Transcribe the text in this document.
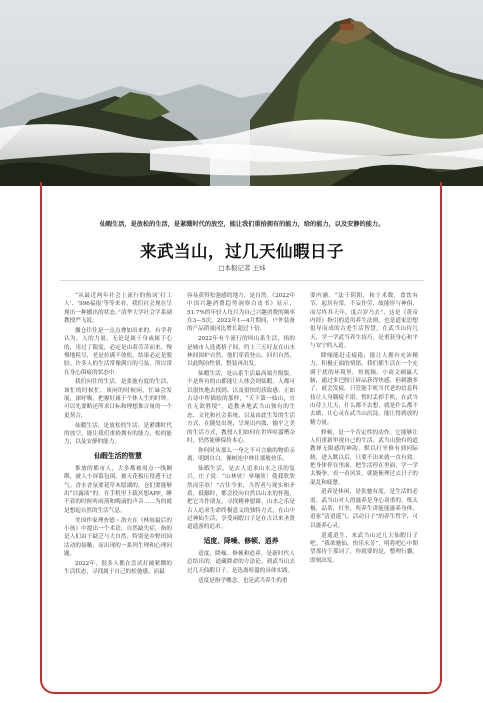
仙暇生活，是放松的生活，是紧绷时代的放空，能让我们重拾拥有的能力，给的能力，以及安静的能力。
来武当山，过几天仙暇日子
□本报记者 王炜

“从最近两年社会上流行的热词‘打工人’、‘996福报’等等来看，我们社会现在呈现出一种撤出的状态。”清华大学社会学系副教授严飞说。

撤仓往往是一点点叠加出来的。有学者认为，人的力量，无论是属于身或属于心的，用过了限度，必定是由着劳苦而来，慢慢地耗尽，老是拉满不放松，结果必定是脱胶。许多人的生活常像满日的弓弦，所以常在身心俱疲的状态中。

我们向往的生活，是张弛有度的生活，该忙的时候忙，该闲的时候闲，忙碌会发展，深呼吸，把握好属于个体人生的时钟。可以先要略还所求目标和理想推合量的一个更契合。

仙暇生活，是放松的生活，是紧绷时代的放空，能让我们重拾拥有的能力，松的能力，以及安静的能力。

仙暇生活的智慧

推放的都市人，大多都被周点一线捆绑，被人小屏幕包围，被天花板压得透不过气。香水香氛要花草木愿湖的，仓们要能够出“目露液”的，在手机里下载冥想APP，睡不着的时候听雨落和晚滴的声音……为的就是想起自然的生活气息。

美国作家理查德・洛夫在《林间最后的小孩》中提出一个术语，自然缺失症，指的是人们由于缺乏与大自然、特别是乡野田园活动的接触，而出现的一系列生理和心理问题。

2022年，很多人都在尝试打破紧绷的生活状态，寻找属于自己的松弛感。而最

容易获得松弛感的地方，是自然。《2022年中国兴趣消费趋势洞察白皮书》显示，51.7%的年轻人每月为自己兴趣消费的频率在3—5次。2022年1—4月期间，户外装备的产品销量同比增长超过十倍。

2022年有个流行的叫山系生活，指的是城市人选离格子间，约上三五好友在山水林间围炉自然，他们穿着登山、回归自然，以此陶冶性情，整装再出发。

仙暇生活，是山系生活最高端升级版。不是所有的山都能让人体会到仙暇，人都可以很快地去找到、以及很快的获取感。正如古诗中所描绘的那样，“天下第一仙山，宜在无欲胜境”，道教圣地武当山独有的生态、文化和社会系统，以及由此生发的生活方式，在随处出现，呈现出内敛、愉平之美的生活方式，教授人们如何在世界喧嚣嘈杂时，仍然能够保持本心。

你何时从那么一身之不可言喻的物质亲离，明朗自白，像树连中林住那般快乐。

仙暇生活，是去人追求山水之乐的复兴。庄子说：“山林欤！皋壤欤！使我欣欣然而乐欤！”古往今来，当智者与现实和矛盾，抵触时，都会投向自然以山水的怀抱，把它当作朋友，寻找精神慰藉。山水之乐是古人追求生命终极意义的独特方式，在山中过神仙生活，享受闲暇日子是在古以来圣贤道遥游的追求。

适度、降噪、修顿、逍养

适度、降噪、修顿和逍养，是新时代人总结出的，道藏降命的方法论。到武当山去过几天仙暇日子，是选离喧嚣的具体实践。

适度是指学概念，也是武当养生的重

要内涵。“法于阴阳，和于术数，食饮有节，起居有常，不妄作劳，故能形与神俱，而尽终其天年，度百岁乃去”，这是《黄帝内经》指引的适用养生法则，也是道家思想倡导而成的古老生活智慧。在武当山待几天，学一学武当养生技巧，是重获身心和平与安宁的入道。

降噪能赶走疲倦，能让人拥有充沛精力，积极正面的情绪。我们都生活在一个充满于扰的环境里，短视频、小商文刷赢大脑，通过多巴胺让碎品获得快感，但刺激多了，就会发疲。只管能手机当代老的信息科技让人身隅疲不堪。暂时丢掉手机，在武当山待上几天，什么都不去想，就是什么都不去做，让心灵在武当山沉淀、能让得到放的精力量。

修顿，是一个否定性的动作。它能够让人们重新审视自己的生活。武当山独有的道教禅无限感的神韵，默以打坐修有到问际制，进入默以后，只要不出来就一直有效。把身体停在里面，把生活停在里面，学一学太极拳，看一看风景，就能梳理过去日子的混乱和疲惫。

逍养是休闲，是张驰有度，是生活的必需。武当山对人的滋养是身心双重的，炼太极，品茶，打坐，所养生讲能能滋养身体，逍家“清逍遥气，活动日子”的养生哲学，可以滋养心灵。

逍遥逍生，来武当山过几天仙暇日子吧。“我欲驰仙，快乐永芳”，明将吧心中期望那待于那词了，你就要的是，整理行囊，即刻出发。
